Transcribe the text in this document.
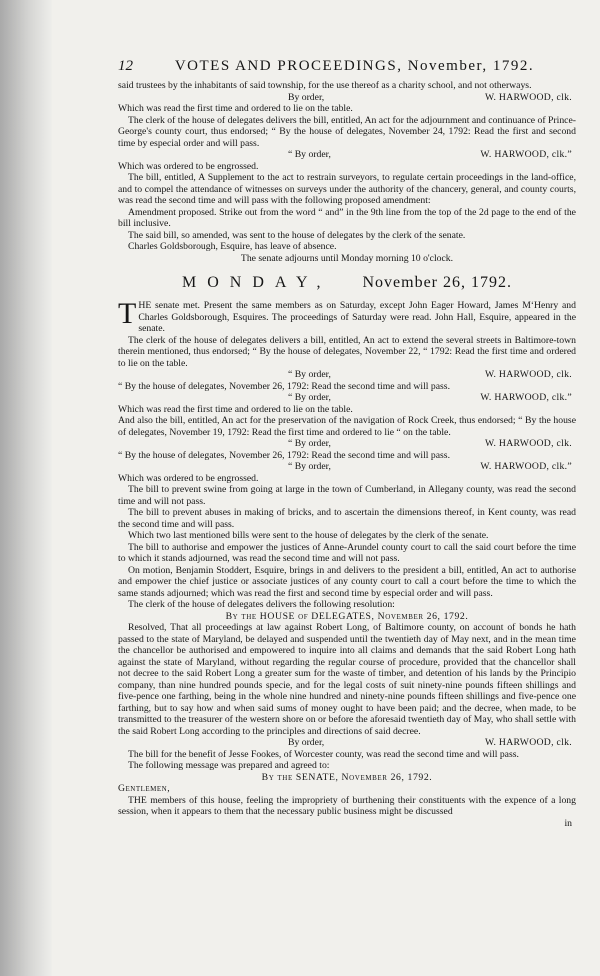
12	VOTES AND PROCEEDINGS, November, 1792.

said trustees by the inhabitants of said township, for the use thereof as a charity school, and not otherways.

By order,	W. HARWOOD, clk.

Which was read the first time and ordered to lie on the table.

The clerk of the house of delegates delivers the bill, entitled, An act for the adjournment and continuance of Prince-George's county court, thus endorsed; “ By the house of delegates, November 24, 1792: Read the first and second time by especial order and will pass.

“ By order,	W. HARWOOD, clk.”

Which was ordered to be engrossed.

The bill, entitled, A Supplement to the act to restrain surveyors, to regulate certain proceedings in the land-office, and to compel the attendance of witnesses on surveys under the authority of the chancery, general, and county courts, was read the second time and will pass with the following proposed amendment:

Amendment proposed. Strike out from the word “ and” in the 9th line from the top of the 2d page to the end of the bill inclusive.

The said bill, so amended, was sent to the house of delegates by the clerk of the senate.

Charles Goldsborough, Esquire, has leave of absence.

The senate adjourns until Monday morning 10 o'clock.

MONDAY, November 26, 1792.

THE senate met. Present the same members as on Saturday, except John Eager Howard, James M‘Henry and Charles Goldsborough, Esquires. The proceedings of Saturday were read. John Hall, Esquire, appeared in the senate.

The clerk of the house of delegates delivers a bill, entitled, An act to extend the several streets in Baltimore-town therein mentioned, thus endorsed; “ By the house of delegates, November 22, “ 1792: Read the first time and ordered to lie on the table.

“ By order,	W. HARWOOD, clk.

“ By the house of delegates, November 26, 1792: Read the second time and will pass.

“ By order,	W. HARWOOD, clk.”

Which was read the first time and ordered to lie on the table.

And also the bill, entitled, An act for the preservation of the navigation of Rock Creek, thus endorsed; “ By the house of delegates, November 19, 1792: Read the first time and ordered to lie “ on the table.

“ By order,	W. HARWOOD, clk.

“ By the house of delegates, November 26, 1792: Read the second time and will pass.

“ By order,	W. HARWOOD, clk.”

Which was ordered to be engrossed.

The bill to prevent swine from going at large in the town of Cumberland, in Allegany county, was read the second time and will not pass.

The bill to prevent abuses in making of bricks, and to ascertain the dimensions thereof, in Kent county, was read the second time and will pass.

Which two last mentioned bills were sent to the house of delegates by the clerk of the senate.

The bill to authorise and empower the justices of Anne-Arundel county court to call the said court before the time to which it stands adjourned, was read the second time and will not pass.

On motion, Benjamin Stoddert, Esquire, brings in and delivers to the president a bill, entitled, An act to authorise and empower the chief justice or associate justices of any county court to call a court before the time to which the same stands adjourned; which was read the first and second time by especial order and will pass.

The clerk of the house of delegates delivers the following resolution:

By the HOUSE of DELEGATES, November 26, 1792.

Resolved, That all proceedings at law against Robert Long, of Baltimore county, on account of bonds he hath passed to the state of Maryland, be delayed and suspended until the twentieth day of May next, and in the mean time the chancellor be authorised and empowered to inquire into all claims and demands that the said Robert Long hath against the state of Maryland, without regarding the regular course of procedure, provided that the chancellor shall not decree to the said Robert Long a greater sum for the waste of timber, and detention of his lands by the Principio company, than nine hundred pounds specie, and for the legal costs of suit ninety-nine pounds fifteen shillings and five-pence one farthing, being in the whole nine hundred and ninety-nine pounds fifteen shillings and five-pence one farthing, but to say how and when said sums of money ought to have been paid; and the decree, when made, to be transmitted to the treasurer of the western shore on or before the aforesaid twentieth day of May, who shall settle with the said Robert Long according to the principles and directions of said decree.

By order,	W. HARWOOD, clk.

The bill for the benefit of Jesse Fookes, of Worcester county, was read the second time and will pass.

The following message was prepared and agreed to:

By the SENATE, November 26, 1792.
Gentlemen,

THE members of this house, feeling the impropriety of burthening their constituents with the expence of a long session, when it appears to them that the necessary public business might be discussed

in
